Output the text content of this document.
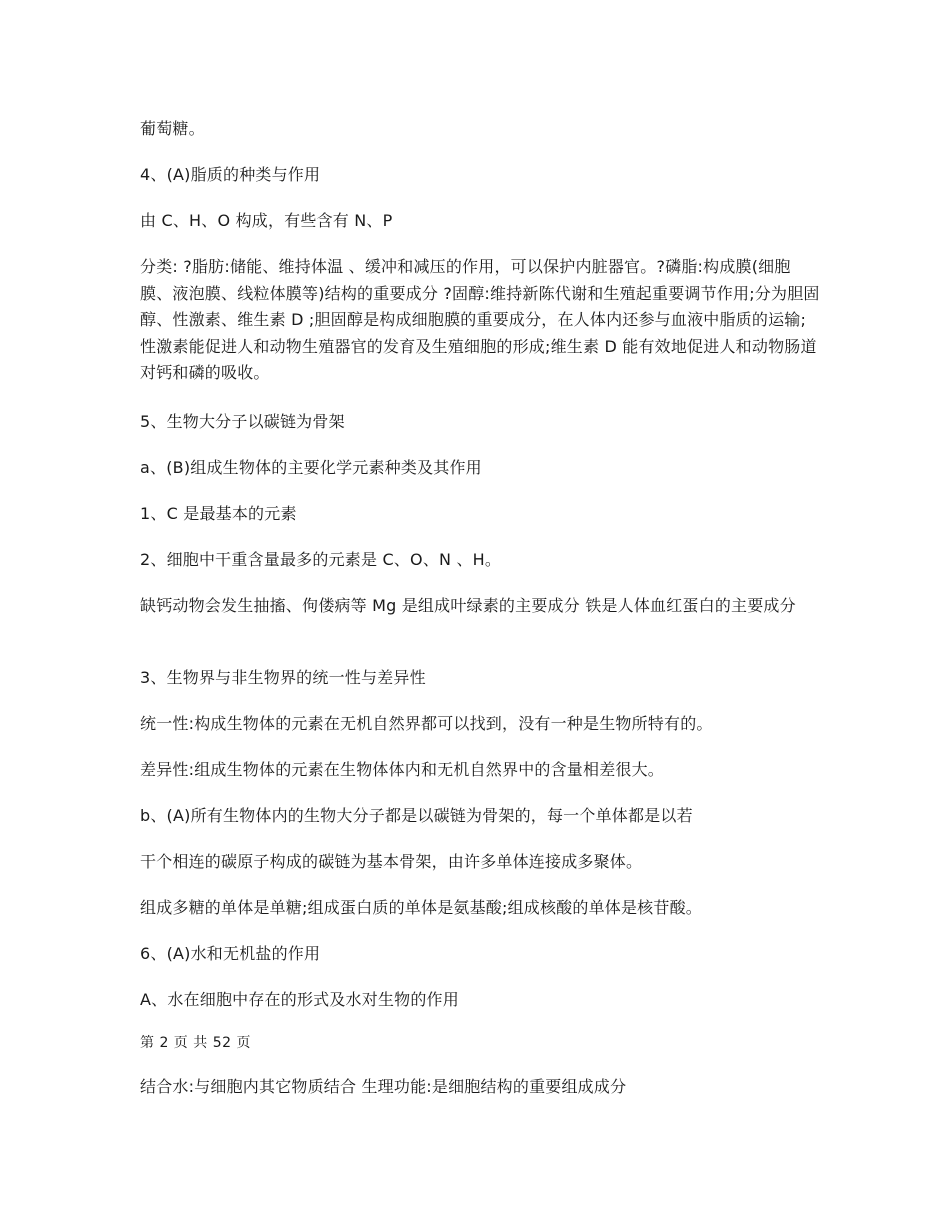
葡萄糖。
4、(A)脂质的种类与作用
由 C、H、O 构成，有些含有 N、P
分类: ?脂肪:储能、维持体温 、缓冲和减压的作用，可以保护内脏器官。?磷脂:构成膜(细胞膜、液泡膜、线粒体膜等)结构的重要成分 ?固醇:维持新陈代谢和生殖起重要调节作用;分为胆固醇、性激素、维生素 D ;胆固醇是构成细胞膜的重要成分，在人体内还参与血液中脂质的运输;性激素能促进人和动物生殖器官的发育及生殖细胞的形成;维生素 D 能有效地促进人和动物肠道对钙和磷的吸收。
5、生物大分子以碳链为骨架
a、(B)组成生物体的主要化学元素种类及其作用
1、C 是最基本的元素
2、细胞中干重含量最多的元素是 C、O、N 、H。
缺钙动物会发生抽搐、佝偻病等 Mg 是组成叶绿素的主要成分 铁是人体血红蛋白的主要成分
3、生物界与非生物界的统一性与差异性
统一性:构成生物体的元素在无机自然界都可以找到，没有一种是生物所特有的。
差异性:组成生物体的元素在生物体体内和无机自然界中的含量相差很大。
b、(A)所有生物体内的生物大分子都是以碳链为骨架的，每一个单体都是以若
干个相连的碳原子构成的碳链为基本骨架，由许多单体连接成多聚体。
组成多糖的单体是单糖;组成蛋白质的单体是氨基酸;组成核酸的单体是核苷酸。
6、(A)水和无机盐的作用
A、水在细胞中存在的形式及水对生物的作用
第 2 页 共 52 页
结合水:与细胞内其它物质结合 生理功能:是细胞结构的重要组成成分
